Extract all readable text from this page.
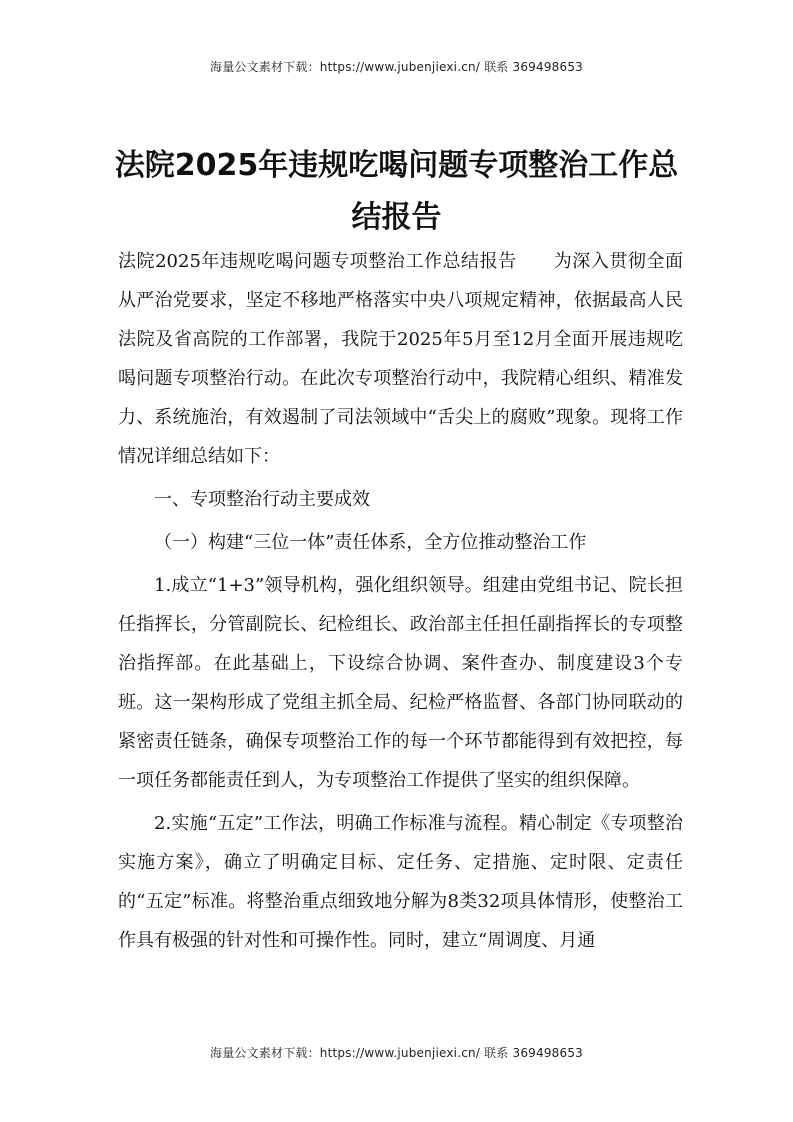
海量公文素材下载：https://www.jubenjiexi.cn/ 联系 369498653
法院2025年违规吃喝问题专项整治工作总结报告

法院2025年违规吃喝问题专项整治工作总结报告　　为深入贯彻全面从严治党要求，坚定不移地严格落实中央八项规定精神，依据最高人民法院及省高院的工作部署，我院于2025年5月至12月全面开展违规吃喝问题专项整治行动。在此次专项整治行动中，我院精心组织、精准发力、系统施治，有效遏制了司法领域中“舌尖上的腐败”现象。现将工作情况详细总结如下：

一、专项整治行动主要成效

（一）构建“三位一体”责任体系，全方位推动整治工作

1.成立“1+3”领导机构，强化组织领导。组建由党组书记、院长担任指挥长，分管副院长、纪检组长、政治部主任担任副指挥长的专项整治指挥部。在此基础上，下设综合协调、案件查办、制度建设3个专班。这一架构形成了党组主抓全局、纪检严格监督、各部门协同联动的紧密责任链条，确保专项整治工作的每一个环节都能得到有效把控，每一项任务都能责任到人，为专项整治工作提供了坚实的组织保障。

2.实施“五定”工作法，明确工作标准与流程。精心制定《专项整治实施方案》，确立了明确定目标、定任务、定措施、定时限、定责任的“五定”标准。将整治重点细致地分解为8类32项具体情形，使整治工作具有极强的针对性和可操作性。同时，建立“周调度、月通

海量公文素材下载：https://www.jubenjiexi.cn/ 联系 369498653
